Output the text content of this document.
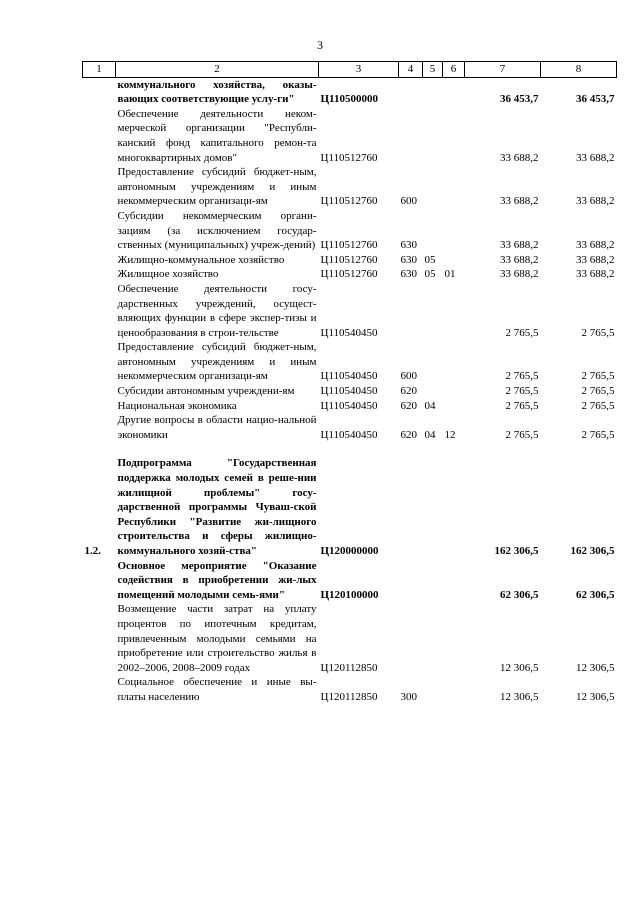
3
1	2	3	4	5	6	7	8
	коммунального хозяйства, оказы-вающих соответствующие услу-ги"	Ц110500000				36 453,7	36 453,7
	Обеспечение деятельности неком-мерческой организации "Республи-канский фонд капитального ремон-та многоквартирных домов"	Ц110512760				33 688,2	33 688,2
	Предоставление субсидий бюджет-ным, автономным учреждениям и иным некоммерческим организаци-ям	Ц110512760	600			33 688,2	33 688,2
	Субсидии некоммерческим органи-зациям (за исключением государ-ственных (муниципальных) учреж-дений)	Ц110512760	630			33 688,2	33 688,2
	Жилищно-коммунальное хозяйство	Ц110512760	630	05		33 688,2	33 688,2
	Жилищное хозяйство	Ц110512760	630	05	01	33 688,2	33 688,2
	Обеспечение деятельности госу-дарственных учреждений, осущест-вляющих функции в сфере экспер-тизы и ценообразования в строи-тельстве	Ц110540450				2 765,5	2 765,5
	Предоставление субсидий бюджет-ным, автономным учреждениям и иным некоммерческим организаци-ям	Ц110540450	600			2 765,5	2 765,5
	Субсидии автономным учреждени-ям	Ц110540450	620			2 765,5	2 765,5
	Национальная экономика	Ц110540450	620	04		2 765,5	2 765,5
	Другие вопросы в области нацио-нальной экономики	Ц110540450	620	04	12	2 765,5	2 765,5

1.2.	Подпрограмма "Государственная поддержка молодых семей в реше-нии жилищной проблемы" госу-дарственной программы Чуваш-ской Республики "Развитие жи-лищного строительства и сферы жилищно-коммунального хозяй-ства"	Ц120000000				162 306,5	162 306,5
	Основное мероприятие "Оказание содействия в приобретении жи-лых помещений молодыми семь-ями"	Ц120100000				62 306,5	62 306,5
	Возмещение части затрат на уплату процентов по ипотечным кредитам, привлеченным молодыми семьями на приобретение или строительство жилья в 2002–2006, 2008–2009 годах	Ц120112850				12 306,5	12 306,5
	Социальное обеспечение и иные вы-платы населению	Ц120112850	300			12 306,5	12 306,5
